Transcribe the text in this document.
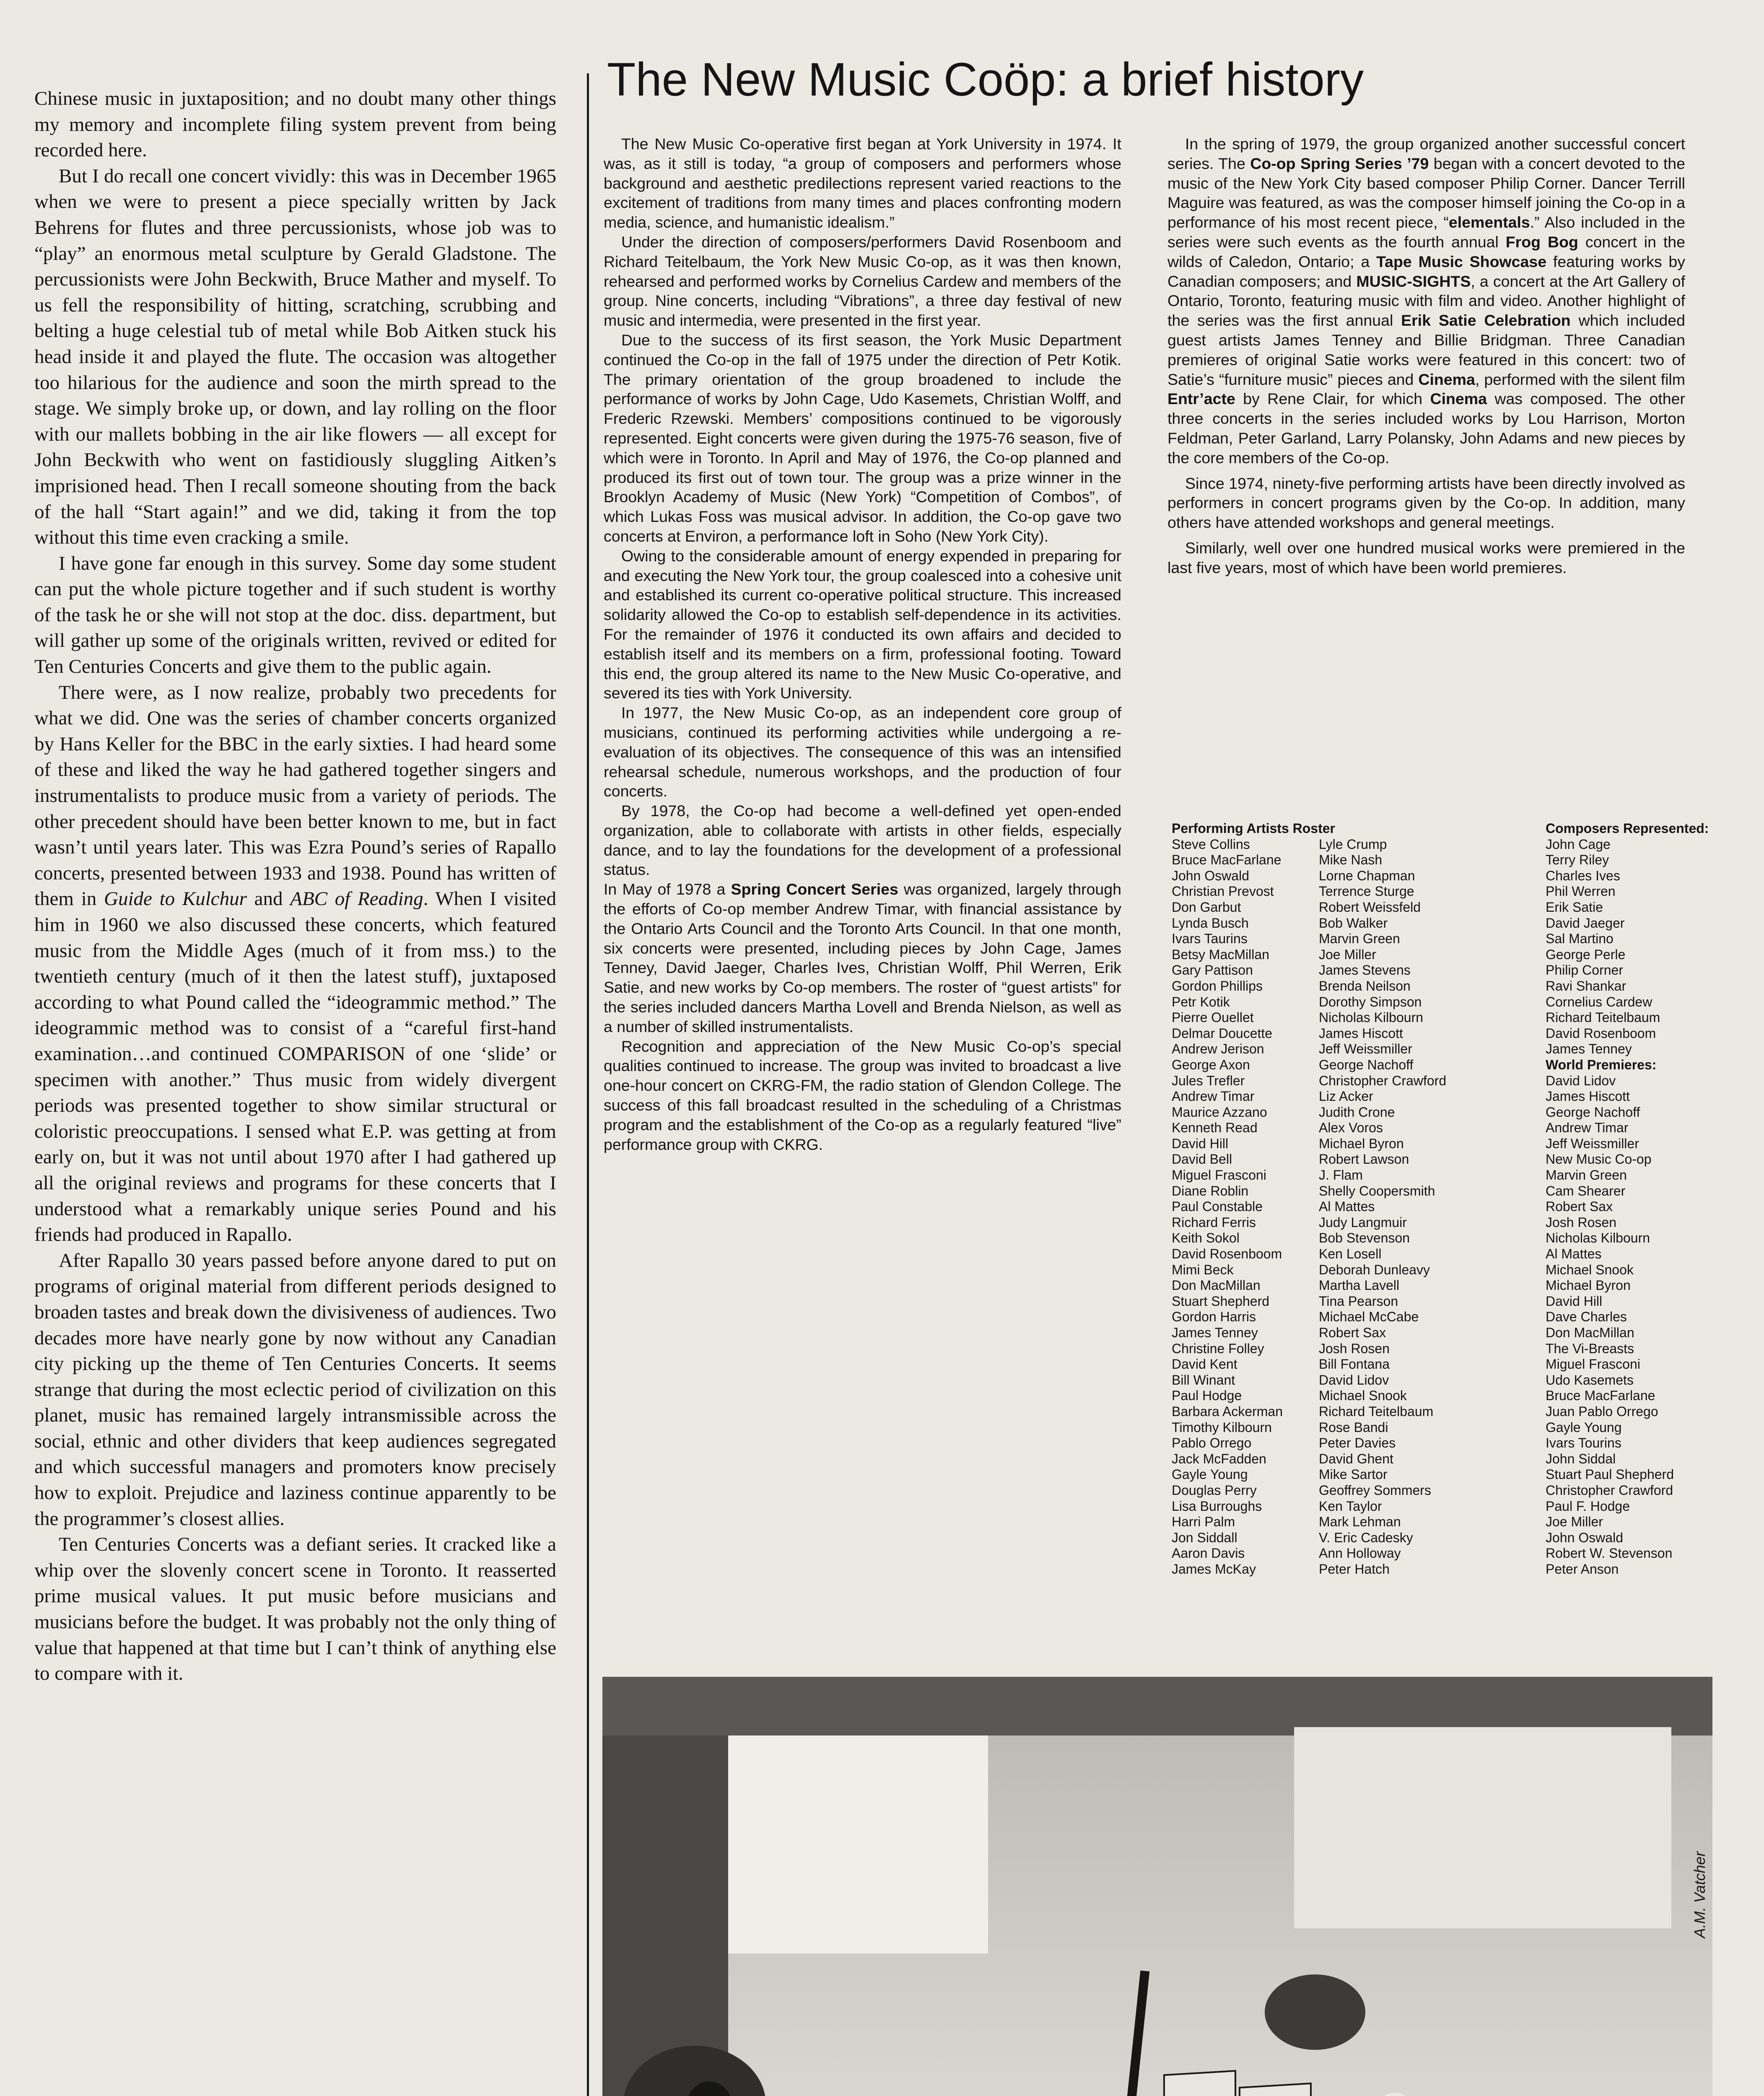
Chinese music in juxtaposition; and no doubt many other things my memory and incomplete filing system prevent from being recorded here.

But I do recall one concert vividly: this was in December 1965 when we were to present a piece specially written by Jack Behrens for flutes and three percussionists, whose job was to “play” an enormous metal sculpture by Gerald Gladstone. The percussionists were John Beckwith, Bruce Mather and myself. To us fell the responsibility of hitting, scratching, scrubbing and belting a huge celestial tub of metal while Bob Aitken stuck his head inside it and played the flute. The occasion was altogether too hilarious for the audience and soon the mirth spread to the stage. We simply broke up, or down, and lay rolling on the floor with our mallets bobbing in the air like flowers — all except for John Beckwith who went on fastidiously sluggling Aitken’s imprisioned head. Then I recall someone shouting from the back of the hall “Start again!” and we did, taking it from the top without this time even cracking a smile.

I have gone far enough in this survey. Some day some student can put the whole picture together and if such student is worthy of the task he or she will not stop at the doc. diss. department, but will gather up some of the originals written, revived or edited for Ten Centuries Concerts and give them to the public again.

There were, as I now realize, probably two precedents for what we did. One was the series of chamber concerts organized by Hans Keller for the BBC in the early sixties. I had heard some of these and liked the way he had gathered together singers and instrumentalists to produce music from a variety of periods. The other precedent should have been better known to me, but in fact wasn’t until years later. This was Ezra Pound’s series of Rapallo concerts, presented between 1933 and 1938. Pound has written of them in Guide to Kulchur and ABC of Reading. When I visited him in 1960 we also discussed these concerts, which featured music from the Middle Ages (much of it from mss.) to the twentieth century (much of it then the latest stuff), juxtaposed according to what Pound called the “ideogrammic method.” The ideogrammic method was to consist of a “careful first-hand examination…and continued COMPARISON of one ‘slide’ or specimen with another.” Thus music from widely divergent periods was presented together to show similar structural or coloristic preoccupations. I sensed what E.P. was getting at from early on, but it was not until about 1970 after I had gathered up all the original reviews and programs for these concerts that I understood what a remarkably unique series Pound and his friends had produced in Rapallo.

After Rapallo 30 years passed before anyone dared to put on programs of original material from different periods designed to broaden tastes and break down the divisiveness of audiences. Two decades more have nearly gone by now without any Canadian city picking up the theme of Ten Centuries Concerts. It seems strange that during the most eclectic period of civilization on this planet, music has remained largely intransmissible across the social, ethnic and other dividers that keep audiences segregated and which successful managers and promoters know precisely how to exploit. Prejudice and laziness continue apparently to be the programmer’s closest allies.

Ten Centuries Concerts was a defiant series. It cracked like a whip over the slovenly concert scene in Toronto. It reasserted prime musical values. It put music before musicians and musicians before the budget. It was probably not the only thing of value that happened at that time but I can’t think of anything else to compare with it.

The New Music Coöp: a brief history

The New Music Co-operative first began at York University in 1974. It was, as it still is today, “a group of composers and performers whose background and aesthetic predilections represent varied reactions to the excitement of traditions from many times and places confronting modern media, science, and humanistic idealism.”

Under the direction of composers/performers David Rosenboom and Richard Teitelbaum, the York New Music Co-op, as it was then known, rehearsed and performed works by Cornelius Cardew and members of the group. Nine concerts, including “Vibrations”, a three day festival of new music and intermedia, were presented in the first year.

Due to the success of its first season, the York Music Department continued the Co-op in the fall of 1975 under the direction of Petr Kotik. The primary orientation of the group broadened to include the performance of works by John Cage, Udo Kasemets, Christian Wolff, and Frederic Rzewski. Members’ compositions continued to be vigorously represented. Eight concerts were given during the 1975-76 season, five of which were in Toronto. In April and May of 1976, the Co-op planned and produced its first out of town tour. The group was a prize winner in the Brooklyn Academy of Music (New York) “Competition of Combos”, of which Lukas Foss was musical advisor. In addition, the Co-op gave two concerts at Environ, a performance loft in Soho (New York City).

Owing to the considerable amount of energy expended in preparing for and executing the New York tour, the group coalesced into a cohesive unit and established its current co-operative political structure. This increased solidarity allowed the Co-op to establish self-dependence in its activities. For the remainder of 1976 it conducted its own affairs and decided to establish itself and its members on a firm, professional footing. Toward this end, the group altered its name to the New Music Co-operative, and severed its ties with York University.

In 1977, the New Music Co-op, as an independent core group of musicians, continued its performing activities while undergoing a re-evaluation of its objectives. The consequence of this was an intensified rehearsal schedule, numerous workshops, and the production of four concerts.

By 1978, the Co-op had become a well-defined yet open-ended organization, able to collaborate with artists in other fields, especially dance, and to lay the foundations for the development of a professional status.

In May of 1978 a Spring Concert Series was organized, largely through the efforts of Co-op member Andrew Timar, with financial assistance by the Ontario Arts Council and the Toronto Arts Council. In that one month, six concerts were presented, including pieces by John Cage, James Tenney, David Jaeger, Charles Ives, Christian Wolff, Phil Werren, Erik Satie, and new works by Co-op members. The roster of “guest artists” for the series included dancers Martha Lovell and Brenda Nielson, as well as a number of skilled instrumentalists.

Recognition and appreciation of the New Music Co-op’s special qualities continued to increase. The group was invited to broadcast a live one-hour concert on CKRG-FM, the radio station of Glendon College. The success of this fall broadcast resulted in the scheduling of a Christmas program and the establishment of the Co-op as a regularly featured “live” performance group with CKRG.

In the spring of 1979, the group organized another successful concert series. The Co-op Spring Series ’79 began with a concert devoted to the music of the New York City based composer Philip Corner. Dancer Terrill Maguire was featured, as was the composer himself joining the Co-op in a performance of his most recent piece, “elementals.” Also included in the series were such events as the fourth annual Frog Bog concert in the wilds of Caledon, Ontario; a Tape Music Showcase featuring works by Canadian composers; and MUSIC-SIGHTS, a concert at the Art Gallery of Ontario, Toronto, featuring music with film and video. Another highlight of the series was the first annual Erik Satie Celebration which included guest artists James Tenney and Billie Bridgman. Three Canadian premieres of original Satie works were featured in this concert: two of Satie’s “furniture music” pieces and Cinema, performed with the silent film Entr’acte by Rene Clair, for which Cinema was composed. The other three concerts in the series included works by Lou Harrison, Morton Feldman, Peter Garland, Larry Polansky, John Adams and new pieces by the core members of the Co-op.

Since 1974, ninety-five performing artists have been directly involved as performers in concert programs given by the Co-op. In addition, many others have attended workshops and general meetings.

Similarly, well over one hundred musical works were premiered in the last five years, most of which have been world premieres.

Performing Artists Roster
Steve Collins
Bruce MacFarlane
John Oswald
Christian Prevost
Don Garbut
Lynda Busch
Ivars Taurins
Betsy MacMillan
Gary Pattison
Gordon Phillips
Petr Kotik
Pierre Ouellet
Delmar Doucette
Andrew Jerison
George Axon
Jules Trefler
Andrew Timar
Maurice Azzano
Kenneth Read
David Hill
David Bell
Miguel Frasconi
Diane Roblin
Paul Constable
Richard Ferris
Keith Sokol
David Rosenboom
Mimi Beck
Don MacMillan
Stuart Shepherd
Gordon Harris
James Tenney
Christine Folley
David Kent
Bill Winant
Paul Hodge
Barbara Ackerman
Timothy Kilbourn
Pablo Orrego
Jack McFadden
Gayle Young
Douglas Perry
Lisa Burroughs
Harri Palm
Jon Siddall
Aaron Davis
James McKay

Lyle Crump
Mike Nash
Lorne Chapman
Terrence Sturge
Robert Weissfeld
Bob Walker
Marvin Green
Joe Miller
James Stevens
Brenda Neilson
Dorothy Simpson
Nicholas Kilbourn
James Hiscott
Jeff Weissmiller
George Nachoff
Christopher Crawford
Liz Acker
Judith Crone
Alex Voros
Michael Byron
Robert Lawson
J. Flam
Shelly Coopersmith
Al Mattes
Judy Langmuir
Bob Stevenson
Ken Losell
Deborah Dunleavy
Martha Lavell
Tina Pearson
Michael McCabe
Robert Sax
Josh Rosen
Bill Fontana
David Lidov
Michael Snook
Richard Teitelbaum
Rose Bandi
Peter Davies
David Ghent
Mike Sartor
Geoffrey Sommers
Ken Taylor
Mark Lehman
V. Eric Cadesky
Ann Holloway
Peter Hatch
Composers Represented:
John Cage
Terry Riley
Charles Ives
Phil Werren
Erik Satie
David Jaeger
Sal Martino
George Perle
Philip Corner
Ravi Shankar
Cornelius Cardew
Richard Teitelbaum
David Rosenboom
James Tenney
World Premieres:
David Lidov
James Hiscott
George Nachoff
Andrew Timar
Jeff Weissmiller
New Music Co-op
Marvin Green
Cam Shearer
Robert Sax
Josh Rosen
Nicholas Kilbourn
Al Mattes
Michael Snook
Michael Byron
David Hill
Dave Charles
Don MacMillan
The Vi-Breasts
Miguel Frasconi
Udo Kasemets
Bruce MacFarlane
Juan Pablo Orrego
Gayle Young
Ivars Tourins
John Siddal
Stuart Paul Shepherd
Christopher Crawford
Paul F. Hodge
Joe Miller
John Oswald
Robert W. Stevenson
Peter Anson
A.M. Vatcher
